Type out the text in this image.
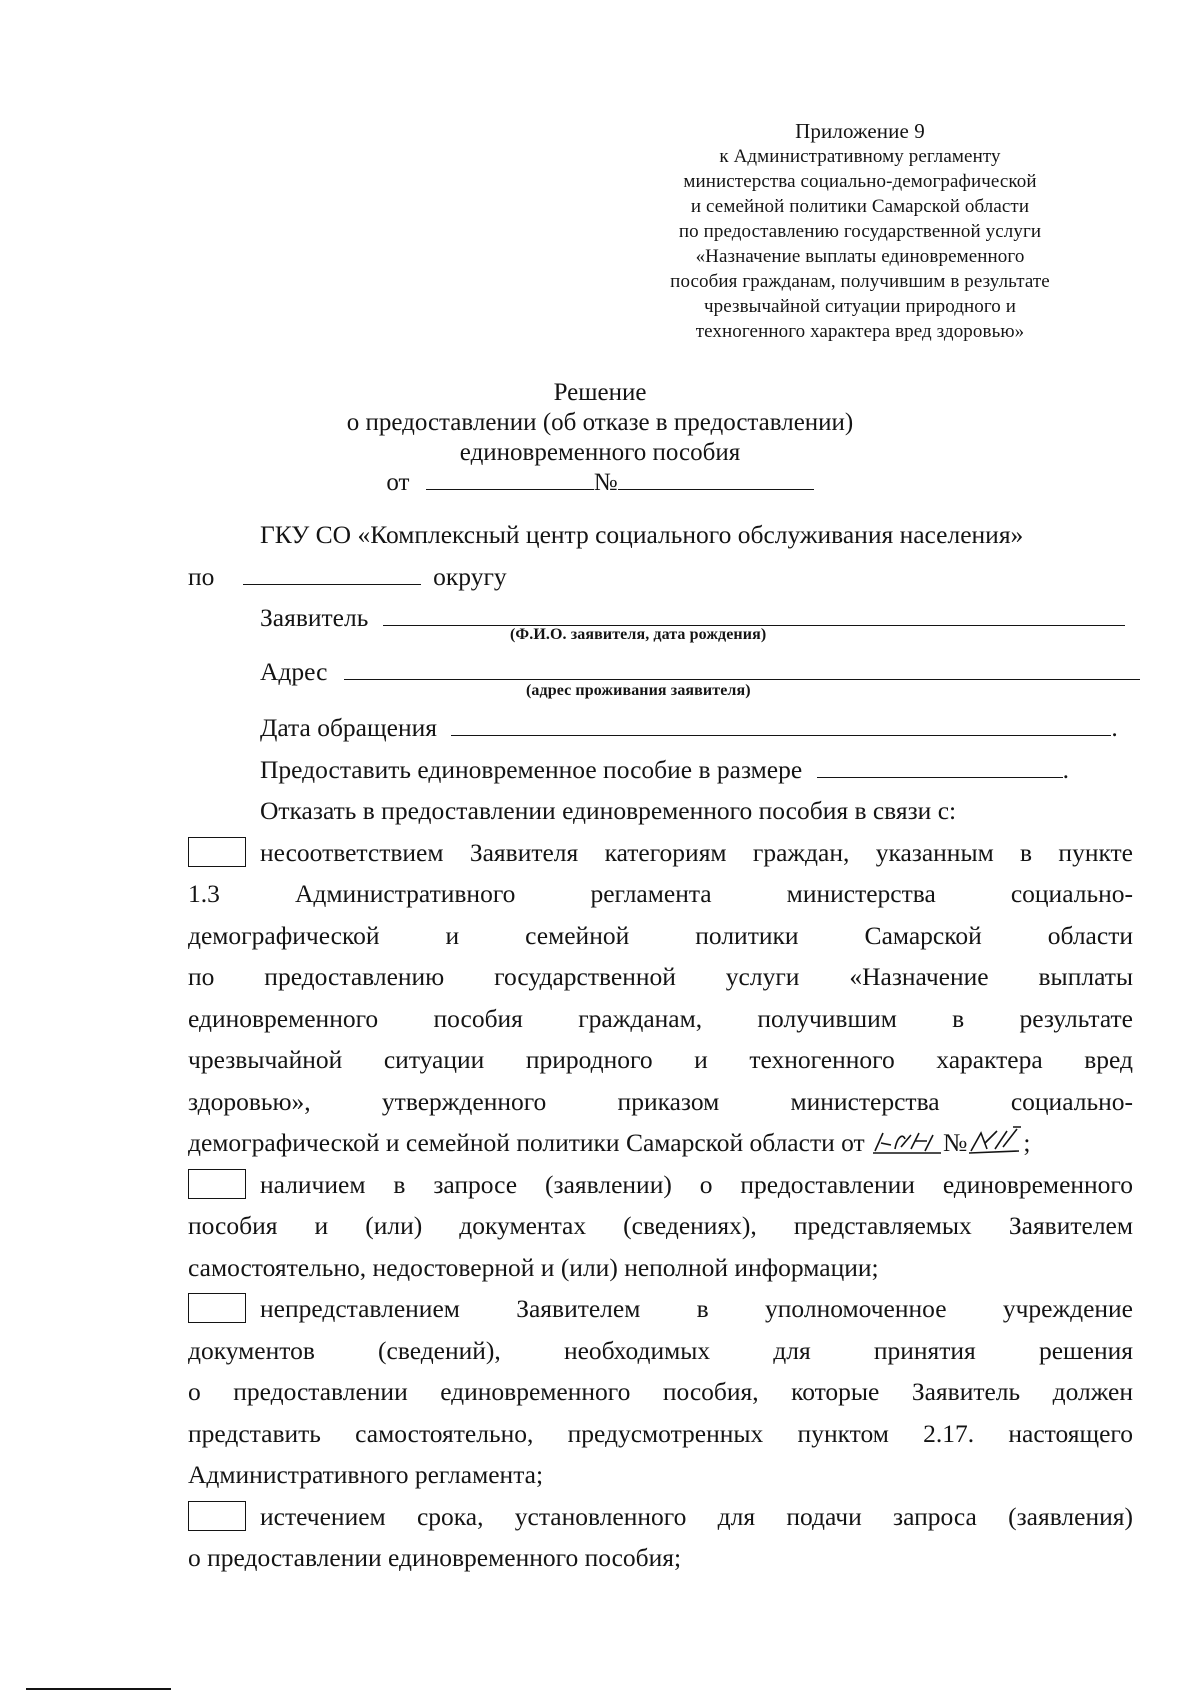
Приложение 9
к Административному регламенту
министерства социально-демографической
и семейной политики Самарской области
по предоставлению государственной услуги
«Назначение выплаты единовременного
пособия гражданам, получившим в результате
чрезвычайной ситуации природного и
техногенного характера вред здоровью»
Решение
о предоставлении (об отказе в предоставлении)
единовременного пособия
от	№
ГКУ СО «Комплексный центр социального обслуживания населения»
по	округу
Заявитель
(Ф.И.О. заявителя, дата рождения)
Адрес
(адрес проживания заявителя)
Дата обращения	.
Предоставить единовременное пособие в размере	.
Отказать в предоставлении единовременного пособия в связи с:
несоответствием Заявителя категориям граждан, указанным в пункте
1.3 Административного регламента министерства социально-
демографической и семейной политики Самарской области
по предоставлению государственной услуги «Назначение выплаты
единовременного пособия гражданам, получившим в результате
чрезвычайной ситуации природного и техногенного характера вред
здоровью», утвержденного приказом министерства социально-
демографической и семейной политики Самарской области от	№ ;
наличием в запросе (заявлении) о предоставлении единовременного
пособия и (или) документах (сведениях), представляемых Заявителем
самостоятельно, недостоверной и (или) неполной информации;
непредставлением Заявителем в уполномоченное учреждение
документов (сведений), необходимых для принятия решения
о предоставлении единовременного пособия, которые Заявитель должен
представить самостоятельно, предусмотренных пунктом 2.17. настоящего
Административного регламента;
истечением срока, установленного для подачи запроса (заявления)
о предоставлении единовременного пособия;
